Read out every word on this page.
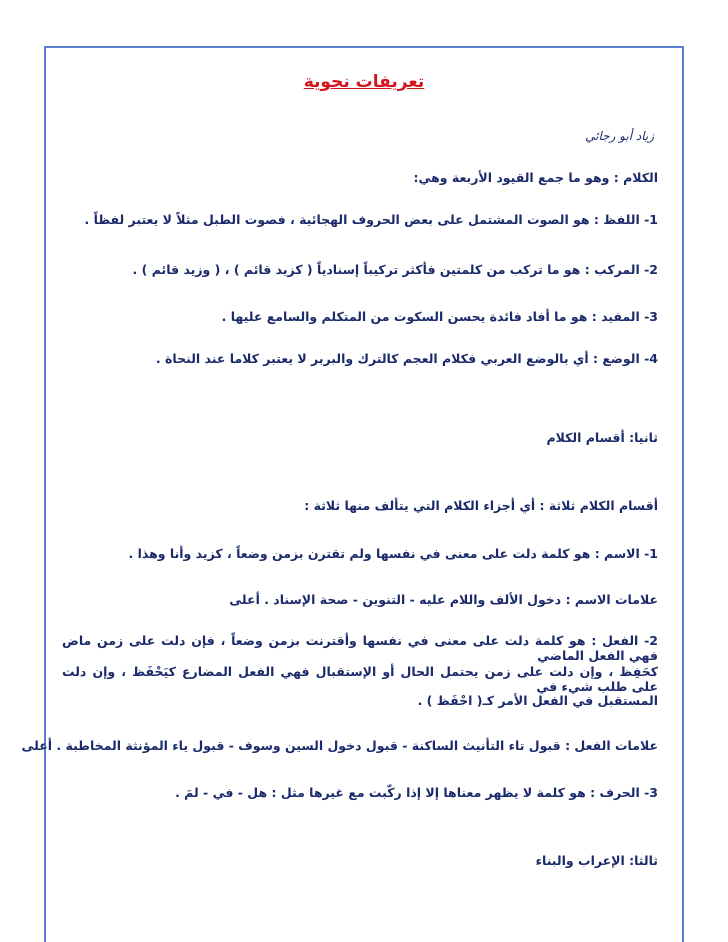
تعريفات نحوية
زياد أبو رجائي
الكلام : وهو ما جمع القيود الأربعة وهي:
1- اللفظ : هو الصوت المشتمل على بعض الحروف الهجائية ، فصوت الطبل مثلاً لا يعتبر لفظاً .
2- المركب : هو ما تركب من كلمتين فأكثر تركيباً إسنادياً ( كزيد قائم ) ، ( وزيد قائم ) .
3- المفيد : هو ما أفاد فائدة يحسن السكوت من المتكلم والسامع عليها .
4- الوضع : أي بالوضع العربي فكلام العجم كالترك والبربر لا يعتبر كلاما عند النحاة .
ثانيا: أقسام الكلام
أقسام الكلام ثلاثة : أي أجزاء الكلام التي يتألف منها ثلاثة :
1- الاسم : هو كلمة دلت على معنى في نفسها ولم تقترن بزمن وضعاً ، كزيد وأنا وهذا .
علامات الاسم : دخول الألف واللام عليه - التنوين - صحة الإسناد . أعلى
2- الفعل : هو كلمة دلت على معنى في نفسها وأقترنت بزمن وضعاً ، فإن دلت على زمن ماض فهي الفعل الماضي
كحَفِظ ، وإن دلت على زمن يحتمل الحال أو الإستقبال فهي الفعل المضارع كيَحْفَظ ، وإن دلت على طلب شيء في
المستقبل في الفعل الأمر كـ( احْفَظ ) .
علامات الفعل : قبول تاء التأنيث الساكنة - قبول دخول السين وسوف - قبول ياء المؤنثة المخاطبة . أعلى
3- الحرف : هو كلمة لا يظهر معناها إلا إذا ركّبت مع غيرها مثل : هل - في - لمَ .
ثالثا: الإعراب والبناء
